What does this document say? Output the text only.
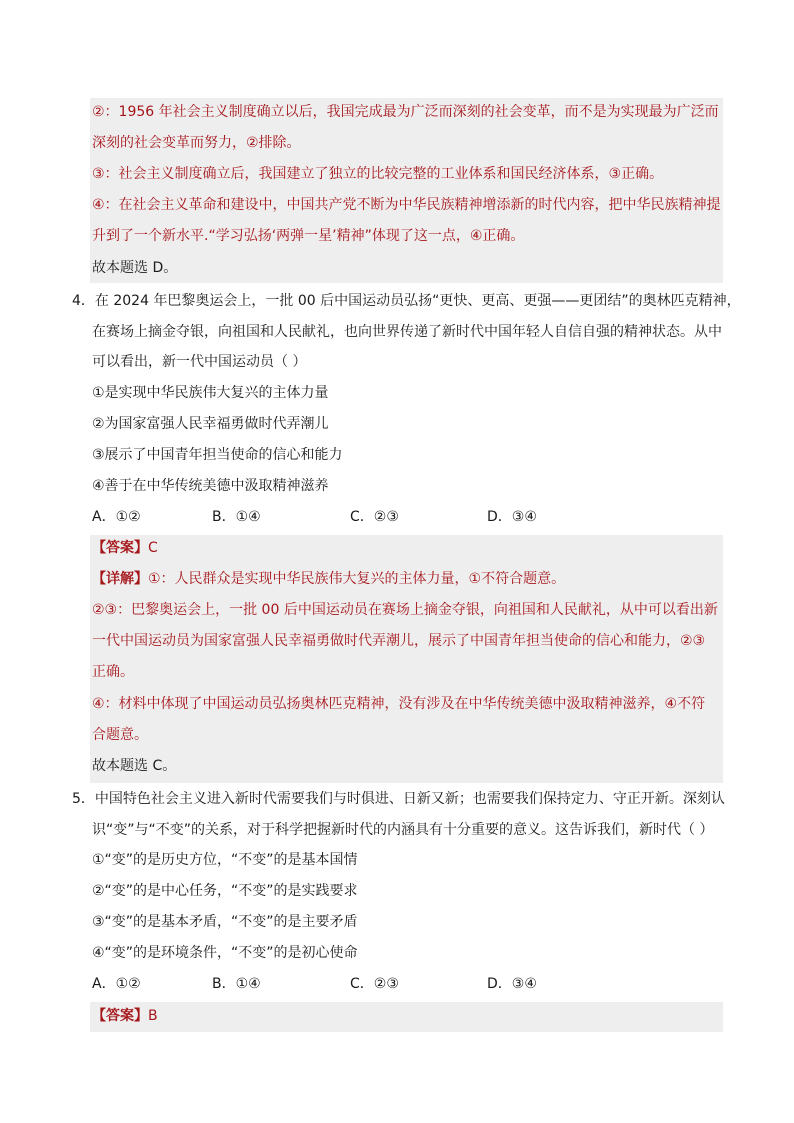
②：1956 年社会主义制度确立以后，我国完成最为广泛而深刻的社会变革，而不是为实现最为广泛而
深刻的社会变革而努力，②排除。
③：社会主义制度确立后，我国建立了独立的比较完整的工业体系和国民经济体系，③正确。
④：在社会主义革命和建设中，中国共产党不断为中华民族精神增添新的时代内容，把中华民族精神提
升到了一个新水平.“学习弘扬‘两弹一星’精神”体现了这一点，④正确。
故本题选 D。
4．在 2024 年巴黎奥运会上，一批 00 后中国运动员弘扬“更快、更高、更强——更团结”的奥林匹克精神，
在赛场上摘金夺银，向祖国和人民献礼，也向世界传递了新时代中国年轻人自信自强的精神状态。从中
可以看出，新一代中国运动员（ ）
①是实现中华民族伟大复兴的主体力量
②为国家富强人民幸福勇做时代弄潮儿
③展示了中国青年担当使命的信心和能力
④善于在中华传统美德中汲取精神滋养
A．①②	B．①④	C．②③	D．③④
【答案】C
【详解】①：人民群众是实现中华民族伟大复兴的主体力量，①不符合题意。
②③：巴黎奥运会上，一批 00 后中国运动员在赛场上摘金夺银，向祖国和人民献礼，从中可以看出新
一代中国运动员为国家富强人民幸福勇做时代弄潮儿，展示了中国青年担当使命的信心和能力，②③
正确。
④：材料中体现了中国运动员弘扬奥林匹克精神，没有涉及在中华传统美德中汲取精神滋养，④不符
合题意。
故本题选 C。
5．中国特色社会主义进入新时代需要我们与时俱进、日新又新；也需要我们保持定力、守正开新。深刻认
识“变”与“不变”的关系，对于科学把握新时代的内涵具有十分重要的意义。这告诉我们，新时代（ ）
①“变”的是历史方位，“不变”的是基本国情
②“变”的是中心任务，“不变”的是实践要求
③“变”的是基本矛盾，“不变”的是主要矛盾
④“变”的是环境条件，“不变”的是初心使命
A．①②	B．①④	C．②③	D．③④
【答案】B
